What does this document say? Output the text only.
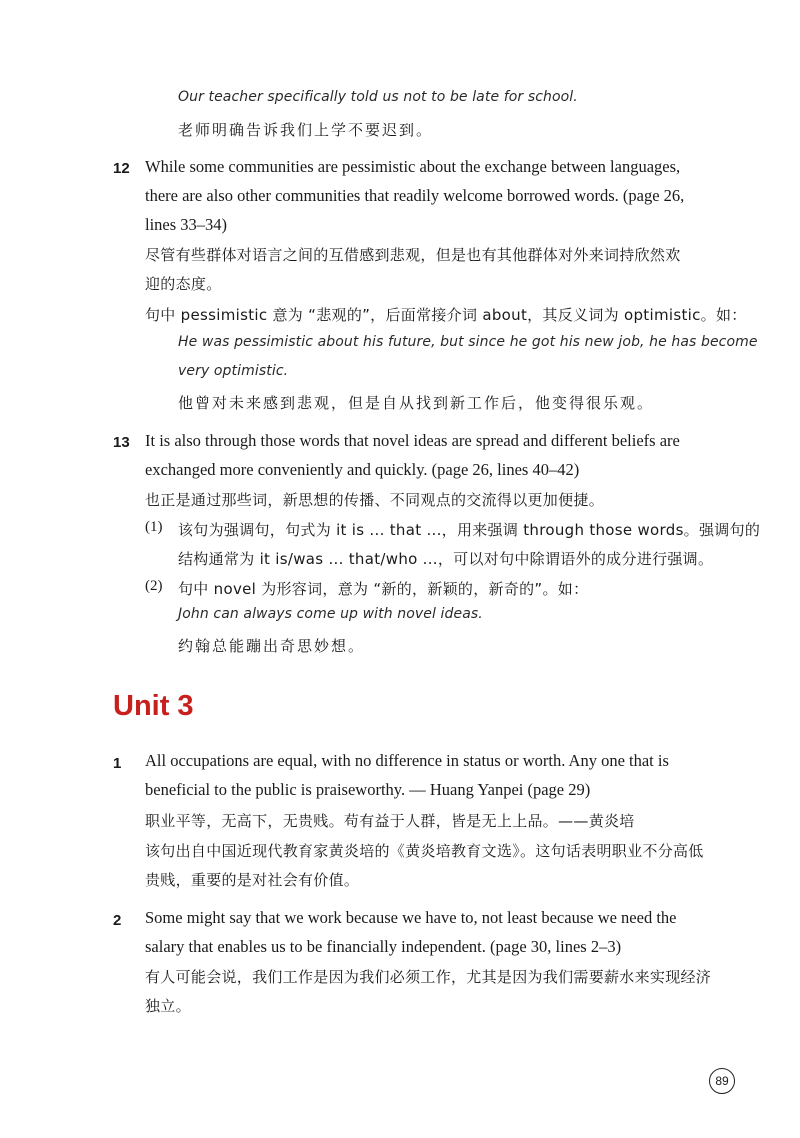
Our teacher specifically told us not to be late for school.
老师明确告诉我们上学不要迟到。
12 While some communities are pessimistic about the exchange between languages,
there are also other communities that readily welcome borrowed words. (page 26,
lines 33–34)
尽管有些群体对语言之间的互借感到悲观，但是也有其他群体对外来词持欣然欢
迎的态度。
句中 pessimistic 意为 “悲观的”，后面常接介词 about，其反义词为 optimistic。如：
He was pessimistic about his future, but since he got his new job, he has become
very optimistic.
他曾对未来感到悲观，但是自从找到新工作后，他变得很乐观。
13 It is also through those words that novel ideas are spread and different beliefs are
exchanged more conveniently and quickly. (page 26, lines 40–42)
也正是通过那些词，新思想的传播、不同观点的交流得以更加便捷。
(1) 该句为强调句，句式为 it is ... that ...，用来强调 through those words。强调句的
结构通常为 it is/was ... that/who ...，可以对句中除谓语外的成分进行强调。
(2) 句中 novel 为形容词，意为 “新的，新颖的，新奇的”。如：
John can always come up with novel ideas.
约翰总能蹦出奇思妙想。
Unit 3
1 All occupations are equal, with no difference in status or worth. Any one that is
beneficial to the public is praiseworthy. — Huang Yanpei (page 29)
职业平等，无高下，无贵贱。苟有益于人群，皆是无上上品。——黄炎培
该句出自中国近现代教育家黄炎培的《黄炎培教育文选》。这句话表明职业不分高低
贵贱，重要的是对社会有价值。
2 Some might say that we work because we have to, not least because we need the
salary that enables us to be financially independent. (page 30, lines 2–3)
有人可能会说，我们工作是因为我们必须工作，尤其是因为我们需要薪水来实现经济
独立。
89
